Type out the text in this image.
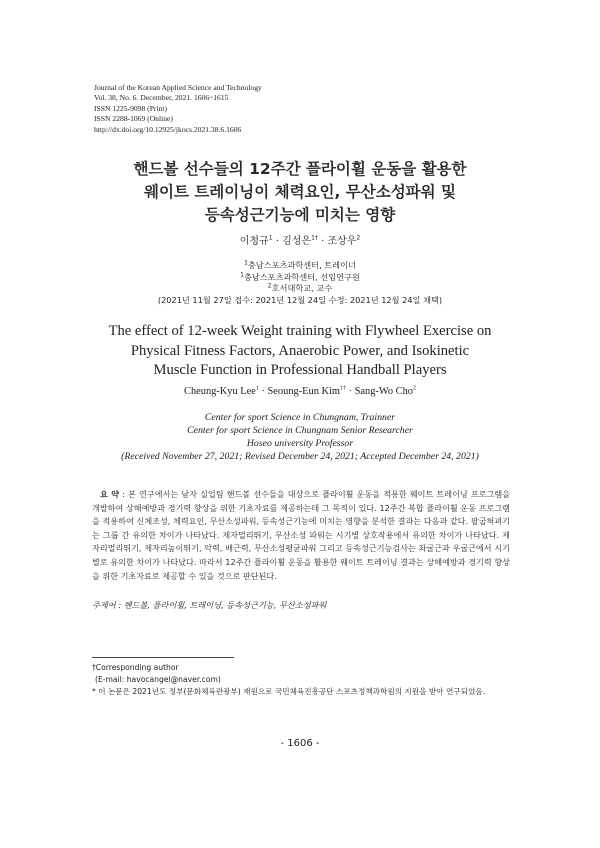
Journal of the Korean Applied Science and Technology
Vol. 38, No. 6. December, 2021. 1606~1615
ISSN 1225-9098 (Print)
ISSN 2288-1069 (Online)
http://dx.doi.org/10.12925/jkocs.2021.38.6.1606
핸드볼 선수들의 12주간 플라이휠 운동을 활용한
웨이트 트레이닝이 체력요인, 무산소성파워 및
등속성근기능에 미치는 영향
이청규$^1$ · 김성은$^{1\dagger}$ · 조상우$^2$
$^1$충남스포츠과학센터, 트레이너
$^1$충남스포츠과학센터, 선임연구원
$^2$호서대학교, 교수
(2021년 11월 27일 접수: 2021년 12월 24일 수정: 2021년 12월 24일 채택)
The effect of 12-week Weight training with Flywheel Exercise on
Physical Fitness Factors, Anaerobic Power, and Isokinetic
Muscle Function in Professional Handball Players
Cheung-Kyu Lee$^1$ · Seoung-Eun Kim$^{1\dagger}$ · Sang-Wo Cho$^2$
Center for sport Science in Chungnam, Trainner
Center for sport Science in Chungnam Senior Researcher
Hoseo university Professor
(Received November 27, 2021; Revised December 24, 2021; Accepted December 24, 2021)
요 약 : 본 연구에서는 남자 실업팀 핸드볼 선수들을 대상으로 플라이휠 운동을 적용한 웨이트 트레이닝 프로그램을 개발하여 상해예방과 경기력 향상을 위한 기초자료를 제공하는데 그 목적이 있다. 12주간 복합 플라이휠 운동 프로그램을 적용하여 신체조성, 체력요인, 무산소성파워, 등속성근기능에 미치는 영향을 분석한 결과는 다음과 같다. 팔굽혀펴기는 그룹 간 유의한 차이가 나타났다. 제자멀리뛰기, 무산소성 파워는 시기별 상호작용에서 유의한 차이가 나타났다. 제자리멀리뛰기, 제자리높이뛰기, 악력, 배근력, 무산소성평균파워 그리고 등속성근기능검사는 좌굴근과 우굴근에서 시기별로 유의한 차이가 나타났다. 따라서 12주간 플라이휠 운동을 활용한 웨이트 트레이닝 결과는 상해예방과 경기력 향상을 위한 기초자료로 제공할 수 있을 것으로 판단된다.
주제어 : 핸드볼, 플라이휠, 트레이닝, 등속성근기능, 무산소성파워
†Corresponding author
(E-mail: havocangel@naver.com)
* 이 논문은 2021년도 정부(문화체육관광부) 재원으로 국민체육진흥공단 스포츠정책과학원의 지원을 받아 연구되었음.
- 1606 -
